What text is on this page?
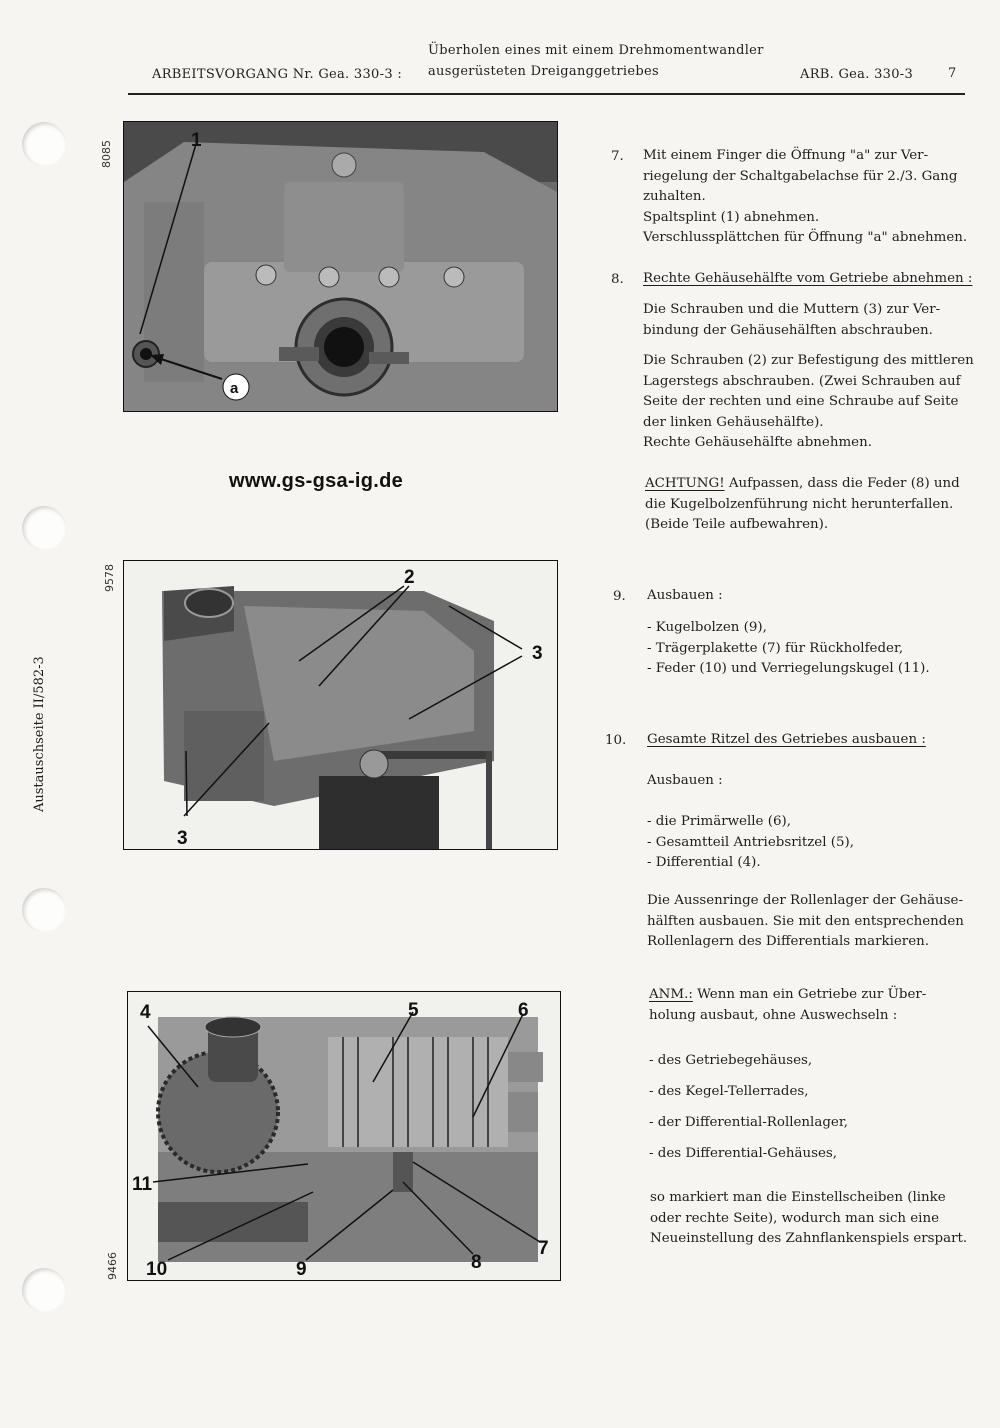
ARBEITSVORGANG Nr. Gea. 330-3 :
Überholen eines mit einem Drehmomentwandler
ausgerüsteten Dreiganggetriebes	ARB. Gea. 330-3	7
Austauschseite II/582-3
8085
9578
9466
1
a
www.gs-gsa-ig.de
2
3
3
4	5	6
11
10	9	8
7
7. Mit einem Finger die Öffnung "a" zur Ver-

riegelung der Schaltgabelachse für 2./3. Gang

zuhalten.

Spaltsplint (1) abnehmen.

Verschlussplättchen für Öffnung "a" abnehmen.

8. Rechte Gehäusehälfte vom Getriebe abnehmen :

Die Schrauben und die Muttern (3) zur Ver-

bindung der Gehäusehälften abschrauben.

Die Schrauben (2) zur Befestigung des mittleren

Lagerstegs abschrauben. (Zwei Schrauben auf

Seite der rechten und eine Schraube auf Seite

der linken Gehäusehälfte).

Rechte Gehäusehälfte abnehmen.

ACHTUNG! Aufpassen, dass die Feder (8) und

die Kugelbolzenführung nicht herunterfallen.

(Beide Teile aufbewahren).

9. Ausbauen :

- Kugelbolzen (9),

- Trägerplakette (7) für Rückholfeder,

- Feder (10) und Verriegelungskugel (11).

10. Gesamte Ritzel des Getriebes ausbauen :
Ausbauen :

- die Primärwelle (6),

- Gesamtteil Antriebsritzel (5),

- Differential (4).

Die Aussenringe der Rollenlager der Gehäuse-

hälften ausbauen. Sie mit den entsprechenden

Rollenlagern des Differentials markieren.

ANM.: Wenn man ein Getriebe zur Über-

holung ausbaut, ohne Auswechseln :

- des Getriebegehäuses,

- des Kegel-Tellerrades,

- der Differential-Rollenlager,

- des Differential-Gehäuses,

so markiert man die Einstellscheiben (linke

oder rechte Seite), wodurch man sich eine

Neueinstellung des Zahnflankenspiels erspart.
